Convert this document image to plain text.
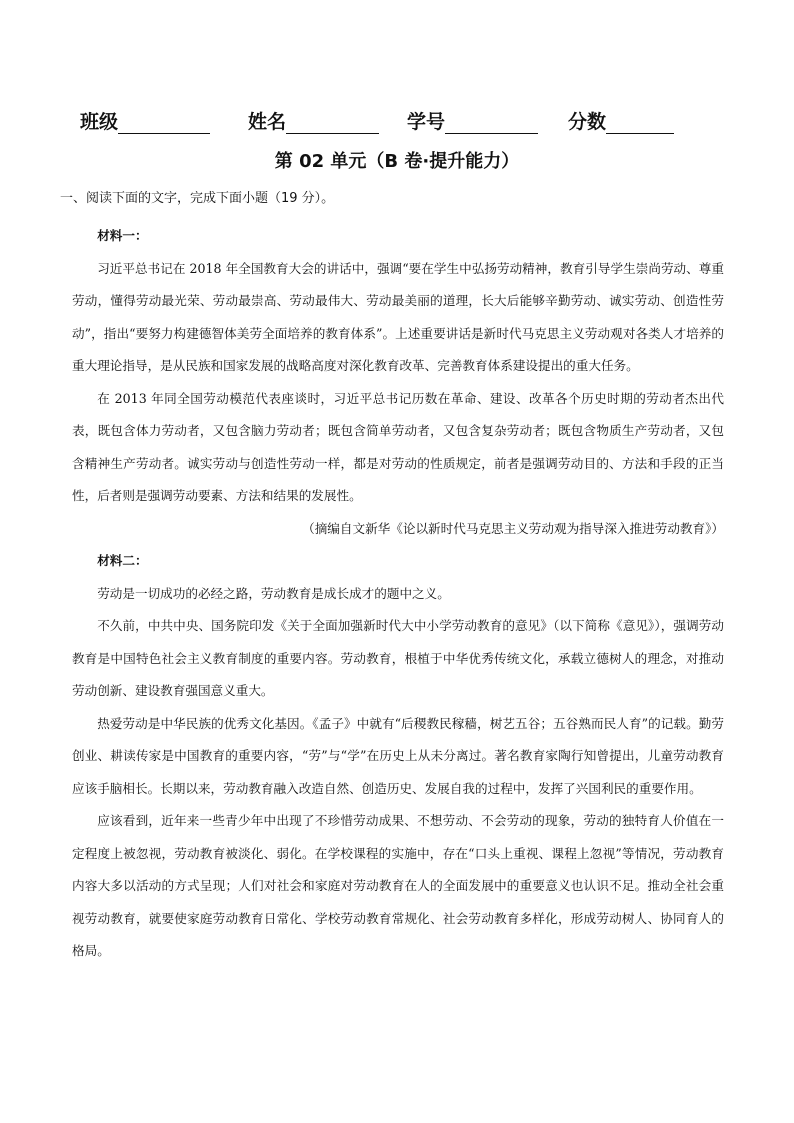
班级	姓名	学号	分数
第 02 单元（B 卷·提升能力）
一、阅读下面的文字，完成下面小题（19 分）。

材料一：

习近平总书记在 2018 年全国教育大会的讲话中，强调“要在学生中弘扬劳动精神，教育引导学生崇尚劳动、尊重劳动，懂得劳动最光荣、劳动最崇高、劳动最伟大、劳动最美丽的道理，长大后能够辛勤劳动、诚实劳动、创造性劳动”，指出“要努力构建德智体美劳全面培养的教育体系”。上述重要讲话是新时代马克思主义劳动观对各类人才培养的重大理论指导，是从民族和国家发展的战略高度对深化教育改革、完善教育体系建设提出的重大任务。

在 2013 年同全国劳动模范代表座谈时，习近平总书记历数在革命、建设、改革各个历史时期的劳动者杰出代表，既包含体力劳动者，又包含脑力劳动者；既包含简单劳动者，又包含复杂劳动者；既包含物质生产劳动者，又包含精神生产劳动者。诚实劳动与创造性劳动一样，都是对劳动的性质规定，前者是强调劳动目的、方法和手段的正当性，后者则是强调劳动要素、方法和结果的发展性。

（摘编自文新华《论以新时代马克思主义劳动观为指导深入推进劳动教育》）

材料二：

劳动是一切成功的必经之路，劳动教育是成长成才的题中之义。

不久前，中共中央、国务院印发《关于全面加强新时代大中小学劳动教育的意见》（以下简称《意见》），强调劳动教育是中国特色社会主义教育制度的重要内容。劳动教育，根植于中华优秀传统文化，承载立德树人的理念，对推动劳动创新、建设教育强国意义重大。

热爱劳动是中华民族的优秀文化基因。《孟子》中就有“后稷教民稼穑，树艺五谷；五谷熟而民人育”的记载。勤劳创业、耕读传家是中国教育的重要内容，“劳”与“学”在历史上从未分离过。著名教育家陶行知曾提出，儿童劳动教育应该手脑相长。长期以来，劳动教育融入改造自然、创造历史、发展自我的过程中，发挥了兴国利民的重要作用。

应该看到，近年来一些青少年中出现了不珍惜劳动成果、不想劳动、不会劳动的现象，劳动的独特育人价值在一定程度上被忽视，劳动教育被淡化、弱化。在学校课程的实施中，存在“口头上重视、课程上忽视”等情况，劳动教育内容大多以活动的方式呈现；人们对社会和家庭对劳动教育在人的全面发展中的重要意义也认识不足。推动全社会重视劳动教育，就要使家庭劳动教育日常化、学校劳动教育常规化、社会劳动教育多样化，形成劳动树人、协同育人的格局。
